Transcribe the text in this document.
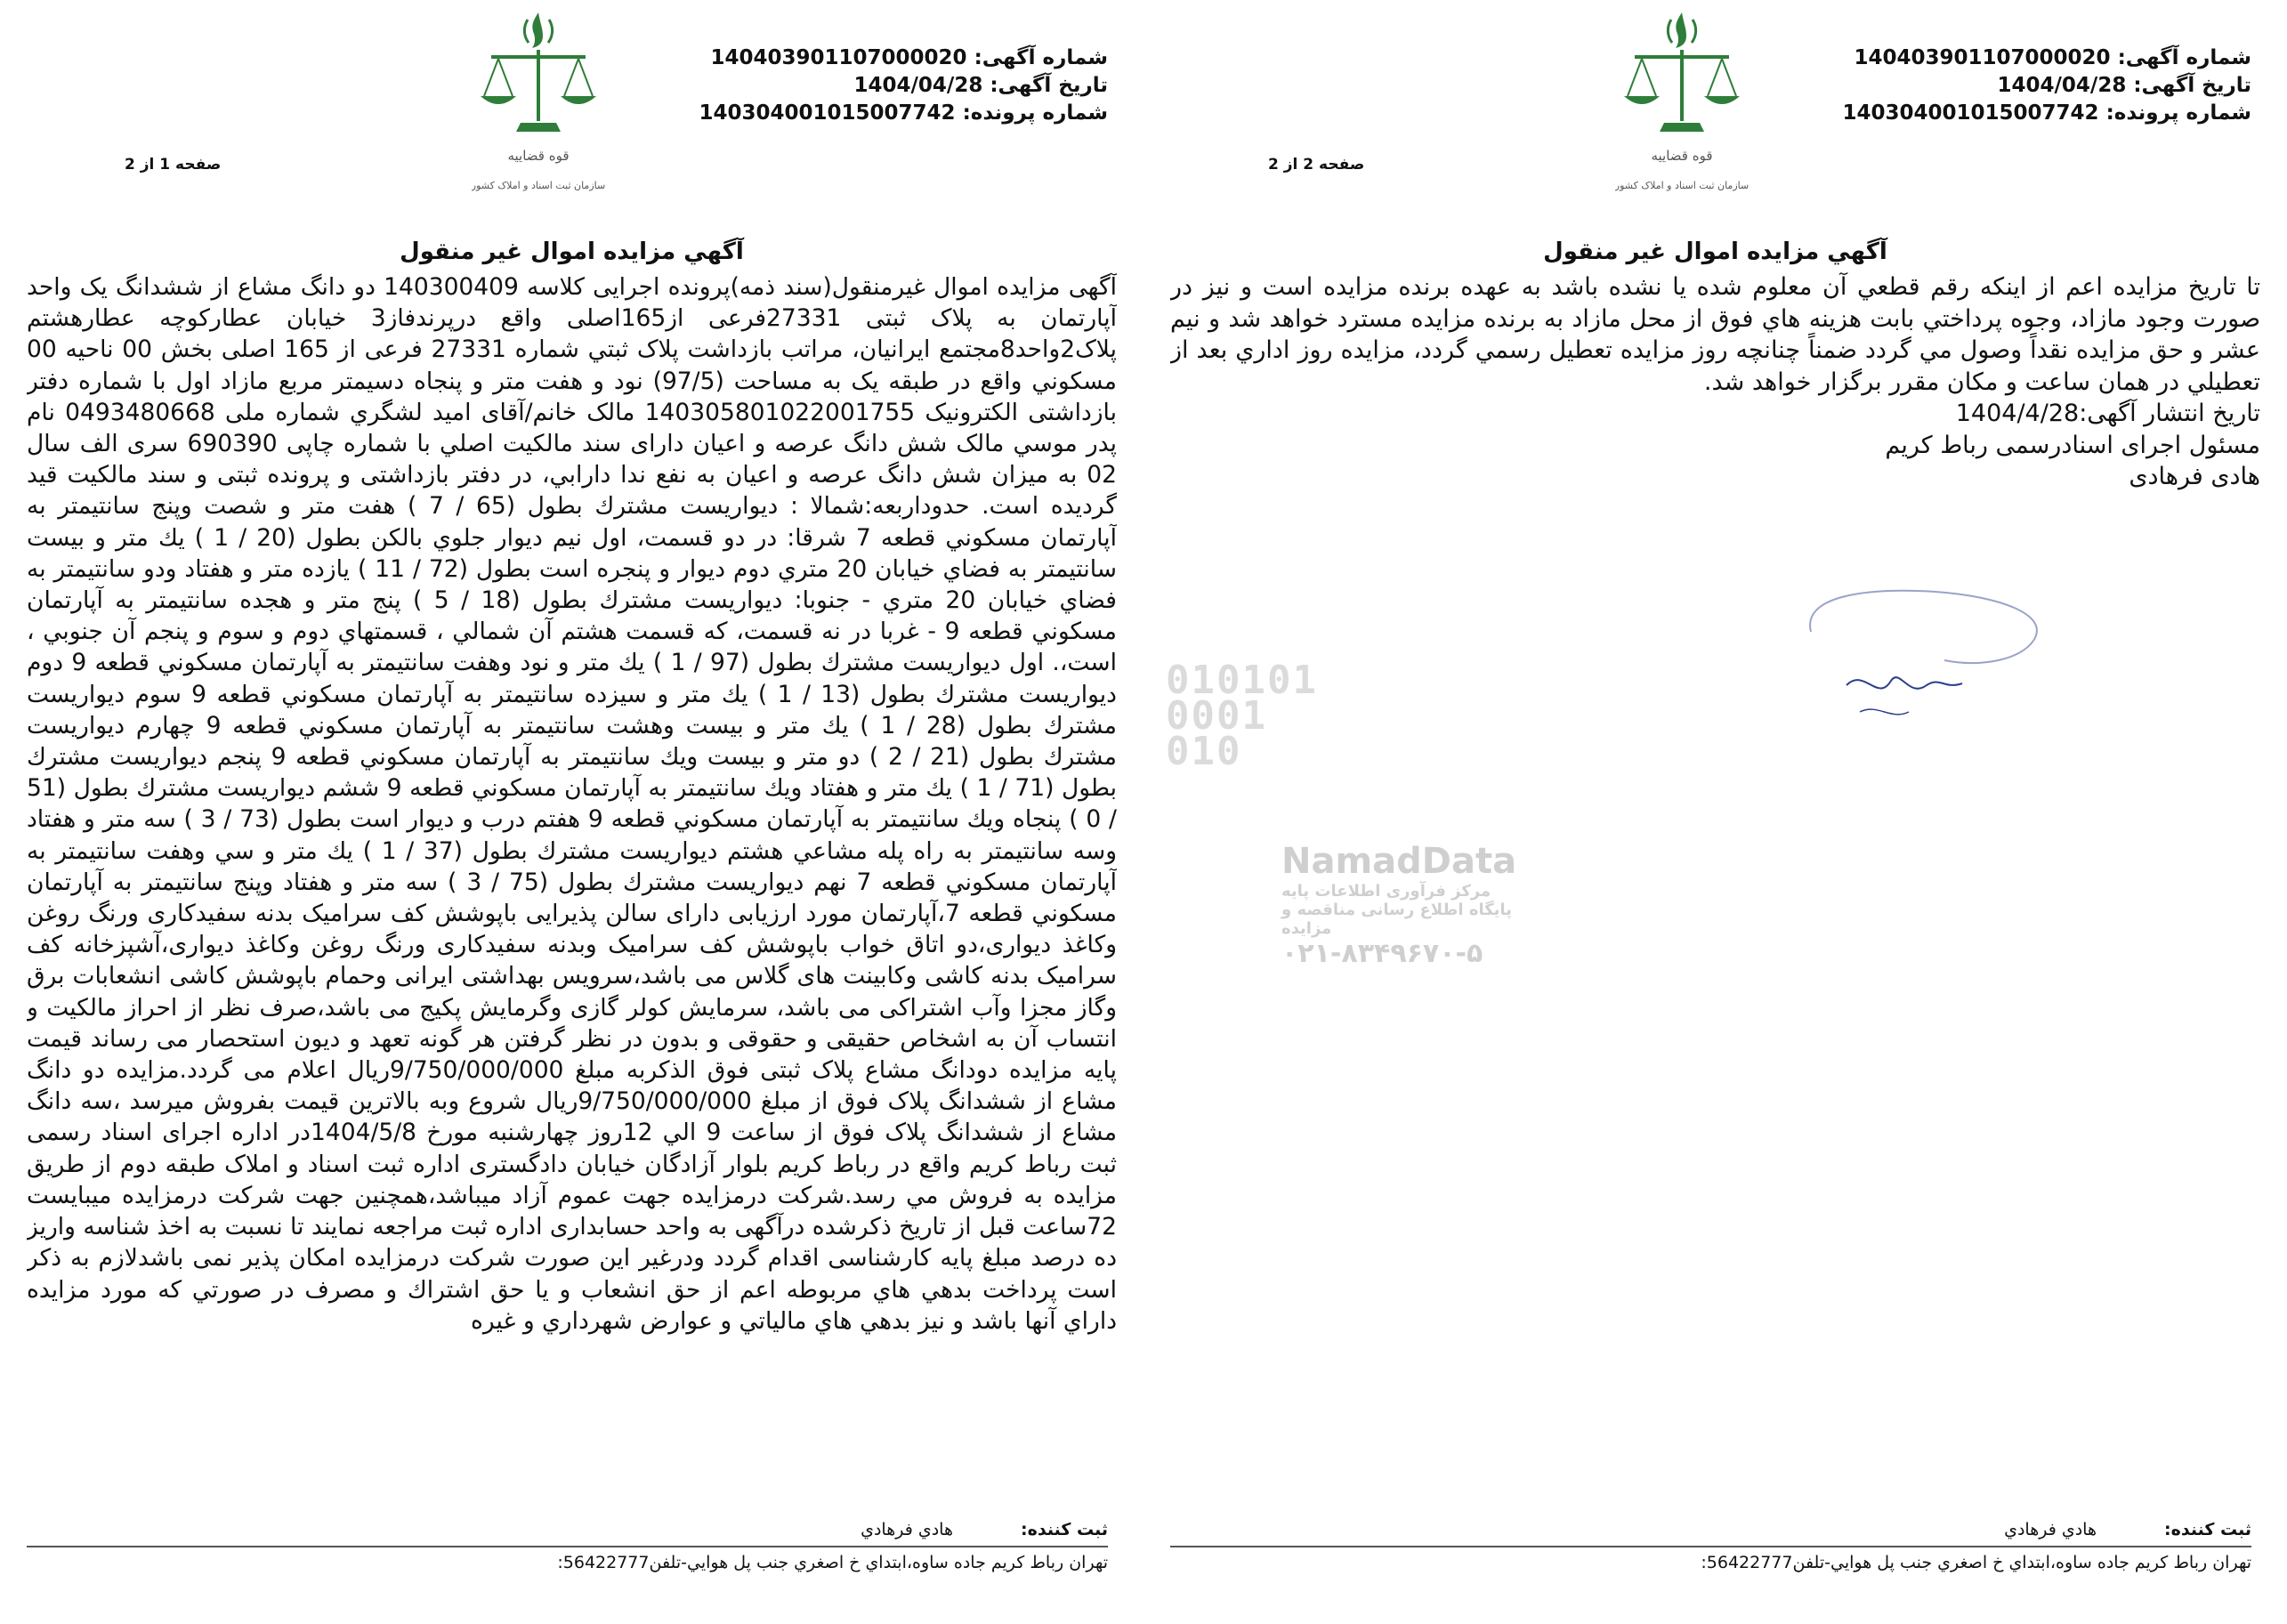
شماره آگهی: 140403901107000020
تاریخ آگهی: 1404/04/28
شماره پرونده: 140304001015007742
قوه قضاییه
سازمان ثبت اسناد و املاک کشور
صفحه 1 از 2
آگهي مزايده اموال غير منقول
آگهی مزایده اموال غیرمنقول(سند ذمه)پرونده اجرایی کلاسه 140300409 دو دانگ مشاع از ششدانگ یک واحد آپارتمان به پلاک ثبتی 27331فرعی از165اصلی واقع درپرندفاز3 خیابان عطارکوچه عطارهشتم پلاک2واحد8مجتمع ایرانیان، مراتب بازداشت پلاک ثبتي شماره 27331 فرعی از 165 اصلی بخش 00 ناحیه 00 مسكوني واقع در طبقه یک به مساحت (97/5) نود و هفت متر و پنجاه دسيمتر مربع مازاد اول با شماره دفتر بازداشتی الکترونیک 140305801022001755 مالک خانم/آقای امید لشگري شماره ملی 0493480668 نام پدر موسي مالک شش دانگ عرصه و اعيان دارای سند مالکیت اصلي با شماره چاپی 690390 سری الف سال 02 به میزان شش دانگ عرصه و اعيان به نفع ندا دارابي، در دفتر بازداشتی و پرونده ثبتی و سند مالکیت قید گردیده است. حدوداربعه:شمالا : ديواريست مشترك بطول (65 / 7 ) هفت متر و شصت وپنج سانتيمتر به آپارتمان مسكوني قطعه 7 شرقا: در دو قسمت، اول نيم ديوار جلوي بالكن بطول (20 / 1 ) يك متر و بيست سانتيمتر به فضاي خيابان 20 متري دوم ديوار و پنجره است بطول (72 / 11 ) يازده متر و هفتاد ودو سانتيمتر به فضاي خيابان 20 متري - جنوبا: ديواريست مشترك بطول (18 / 5 ) پنج متر و هجده سانتيمتر به آپارتمان مسكوني قطعه 9 - غربا در نه قسمت، كه قسمت هشتم آن شمالي ، قسمتهاي دوم و سوم و پنجم آن جنوبي ، است،. اول ديواريست مشترك بطول (97 / 1 ) يك متر و نود وهفت سانتيمتر به آپارتمان مسكوني قطعه 9 دوم ديواريست مشترك بطول (13 / 1 ) يك متر و سيزده سانتيمتر به آپارتمان مسكوني قطعه 9 سوم ديواريست مشترك بطول (28 / 1 ) يك متر و بيست وهشت سانتيمتر به آپارتمان مسكوني قطعه 9 چهارم ديواريست مشترك بطول (21 / 2 ) دو متر و بيست ويك سانتيمتر به آپارتمان مسكوني قطعه 9 پنجم ديواريست مشترك بطول (71 / 1 ) يك متر و هفتاد ويك سانتيمتر به آپارتمان مسكوني قطعه 9 ششم ديواريست مشترك بطول (51 / 0 ) پنجاه ويك سانتيمتر به آپارتمان مسكوني قطعه 9 هفتم درب و ديوار است بطول (73 / 3 ) سه متر و هفتاد وسه سانتيمتر به راه پله مشاعي هشتم ديواريست مشترك بطول (37 / 1 ) يك متر و سي وهفت سانتيمتر به آپارتمان مسكوني قطعه 7 نهم ديواريست مشترك بطول (75 / 3 ) سه متر و هفتاد وپنج سانتيمتر به آپارتمان مسكوني قطعه 7،آپارتمان مورد ارزیابی دارای سالن پذیرایی باپوشش کف سرامیک بدنه سفیدکاری ورنگ روغن وکاغذ دیواری،دو اتاق خواب باپوشش کف سرامیک وبدنه سفیدکاری ورنگ روغن وکاغذ دیواری،آشپزخانه کف سرامیک بدنه کاشی وکابینت های گلاس می باشد،سرویس بهداشتی ایرانی وحمام باپوشش کاشی انشعابات برق وگاز مجزا وآب اشتراکی می باشد، سرمایش کولر گازی وگرمایش پکیج می باشد،صرف نظر از احراز مالکیت و انتساب آن به اشخاص حقیقی و حقوقی و بدون در نظر گرفتن هر گونه تعهد و دیون استحصار می رساند قیمت پایه مزایده دودانگ مشاع پلاک ثبتی فوق الذکربه مبلغ 9/750/000/000ریال اعلام می گردد.مزایده دو دانگ مشاع از ششدانگ پلاک فوق از مبلغ 9/750/000/000ریال شروع وبه بالاترین قیمت بفروش میرسد ،سه دانگ مشاع از ششدانگ پلاک فوق از ساعت 9 الي 12روز چهارشنبه مورخ 1404/5/8در اداره اجرای اسناد رسمی ثبت رباط کریم واقع در رباط کریم بلوار آزادگان خیابان دادگستری اداره ثبت اسناد و املاک طبقه دوم از طریق مزایده به فروش مي رسد.شرکت درمزایده جهت عموم آزاد میباشد،همچنین جهت شرکت درمزایده میبایست 72ساعت قبل از تاریخ ذکرشده درآگهی به واحد حسابداری اداره ثبت مراجعه نمایند تا نسبت به اخذ شناسه واریز ده درصد مبلغ پایه کارشناسی اقدام گردد ودرغیر این صورت شرکت درمزایده امکان پذیر نمی باشدلازم به ذکر است پرداخت بدهي هاي مربوطه اعم از حق انشعاب و يا حق اشتراك و مصرف در صورتي كه مورد مزايده داراي آنها باشد و نيز بدهي هاي مالياتي و عوارض شهرداري و غيره
ثبت کننده: هادي فرهادي
تهران رباط كريم جاده ساوه،ابتداي خ اصغري جنب پل هوايي-تلفن56422777:
شماره آگهی: 140403901107000020
تاریخ آگهی: 1404/04/28
شماره پرونده: 140304001015007742
قوه قضاییه
سازمان ثبت اسناد و املاک کشور
صفحه 2 از 2
آگهي مزايده اموال غير منقول
تا تاريخ مزايده اعم از اينكه رقم قطعي آن معلوم شده يا نشده باشد به عهده برنده مزايده است و نيز در صورت وجود مازاد، وجوه پرداختي بابت هزينه هاي فوق از محل مازاد به برنده مزايده مسترد خواهد شد و نيم عشر و حق مزايده نقداً وصول مي گردد ضمناً چنانچه روز مزايده تعطيل رسمي گردد، مزايده روز اداري بعد از تعطيلي در همان ساعت و مكان مقرر برگزار خواهد شد.
تاريخ انتشار آگهی:1404/4/28
مسئول اجرای اسنادرسمی رباط کریم
هادی فرهادی
ثبت کننده: هادي فرهادي
تهران رباط كريم جاده ساوه،ابتداي خ اصغري جنب پل هوايي-تلفن56422777:
010101
0001
010
NamadData
مرکز فرآوری اطلاعات پایه
پایگاه اطلاع رسانی مناقصه و مزایده
۰۲۱-۸۳۴۹۶۷۰-۵
